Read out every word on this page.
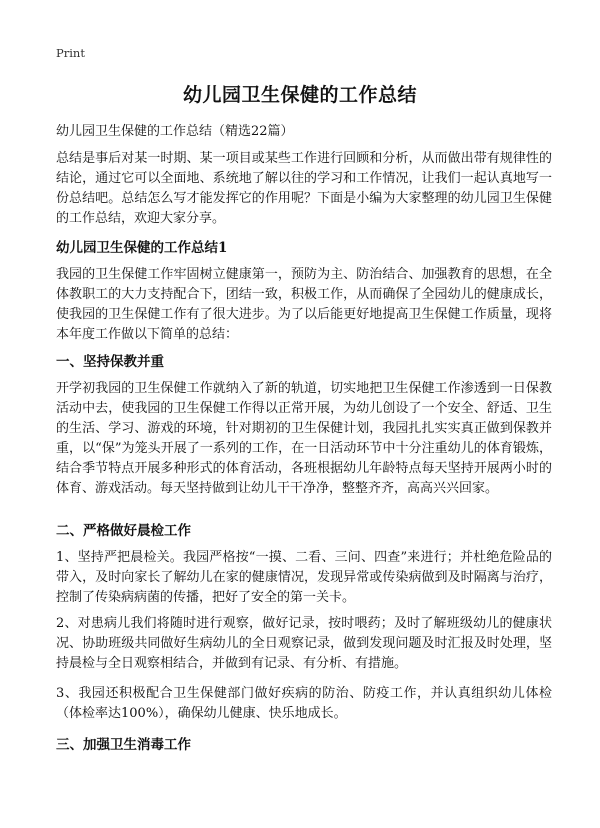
Print
幼儿园卫生保健的工作总结

幼儿园卫生保健的工作总结（精选22篇）

总结是事后对某一时期、某一项目或某些工作进行回顾和分析，从而做出带有规律性的结论，通过它可以全面地、系统地了解以往的学习和工作情况，让我们一起认真地写一份总结吧。总结怎么写才能发挥它的作用呢？下面是小编为大家整理的幼儿园卫生保健的工作总结，欢迎大家分享。

幼儿园卫生保健的工作总结1

我园的卫生保健工作牢固树立健康第一，预防为主、防治结合、加强教育的思想，在全体教职工的大力支持配合下，团结一致，积极工作，从而确保了全园幼儿的健康成长，使我园的卫生保健工作有了很大进步。为了以后能更好地提高卫生保健工作质量，现将本年度工作做以下简单的总结：

一、坚持保教并重

开学初我园的卫生保健工作就纳入了新的轨道，切实地把卫生保健工作渗透到一日保教活动中去，使我园的卫生保健工作得以正常开展，为幼儿创设了一个安全、舒适、卫生的生活、学习、游戏的环境，针对期初的卫生保健计划，我园扎扎实实真正做到保教并重，以“保”为笼头开展了一系列的工作，在一日活动环节中十分注重幼儿的体育锻炼，结合季节特点开展多种形式的体育活动，各班根据幼儿年龄特点每天坚持开展两小时的体育、游戏活动。每天坚持做到让幼儿干干净净，整整齐齐，高高兴兴回家。

二、严格做好晨检工作

1、坚持严把晨检关。我园严格按“一摸、二看、三问、四查”来进行；并杜绝危险品的带入，及时向家长了解幼儿在家的健康情况，发现异常或传染病做到及时隔离与治疗，控制了传染病病菌的传播，把好了安全的第一关卡。

2、对患病儿我们将随时进行观察，做好记录，按时喂药；及时了解班级幼儿的健康状况、协助班级共同做好生病幼儿的全日观察记录，做到发现问题及时汇报及时处理，坚持晨检与全日观察相结合，并做到有记录、有分析、有措施。

3、我园还积极配合卫生保健部门做好疾病的防治、防疫工作，并认真组织幼儿体检（体检率达100%），确保幼儿健康、快乐地成长。

三、加强卫生消毒工作
